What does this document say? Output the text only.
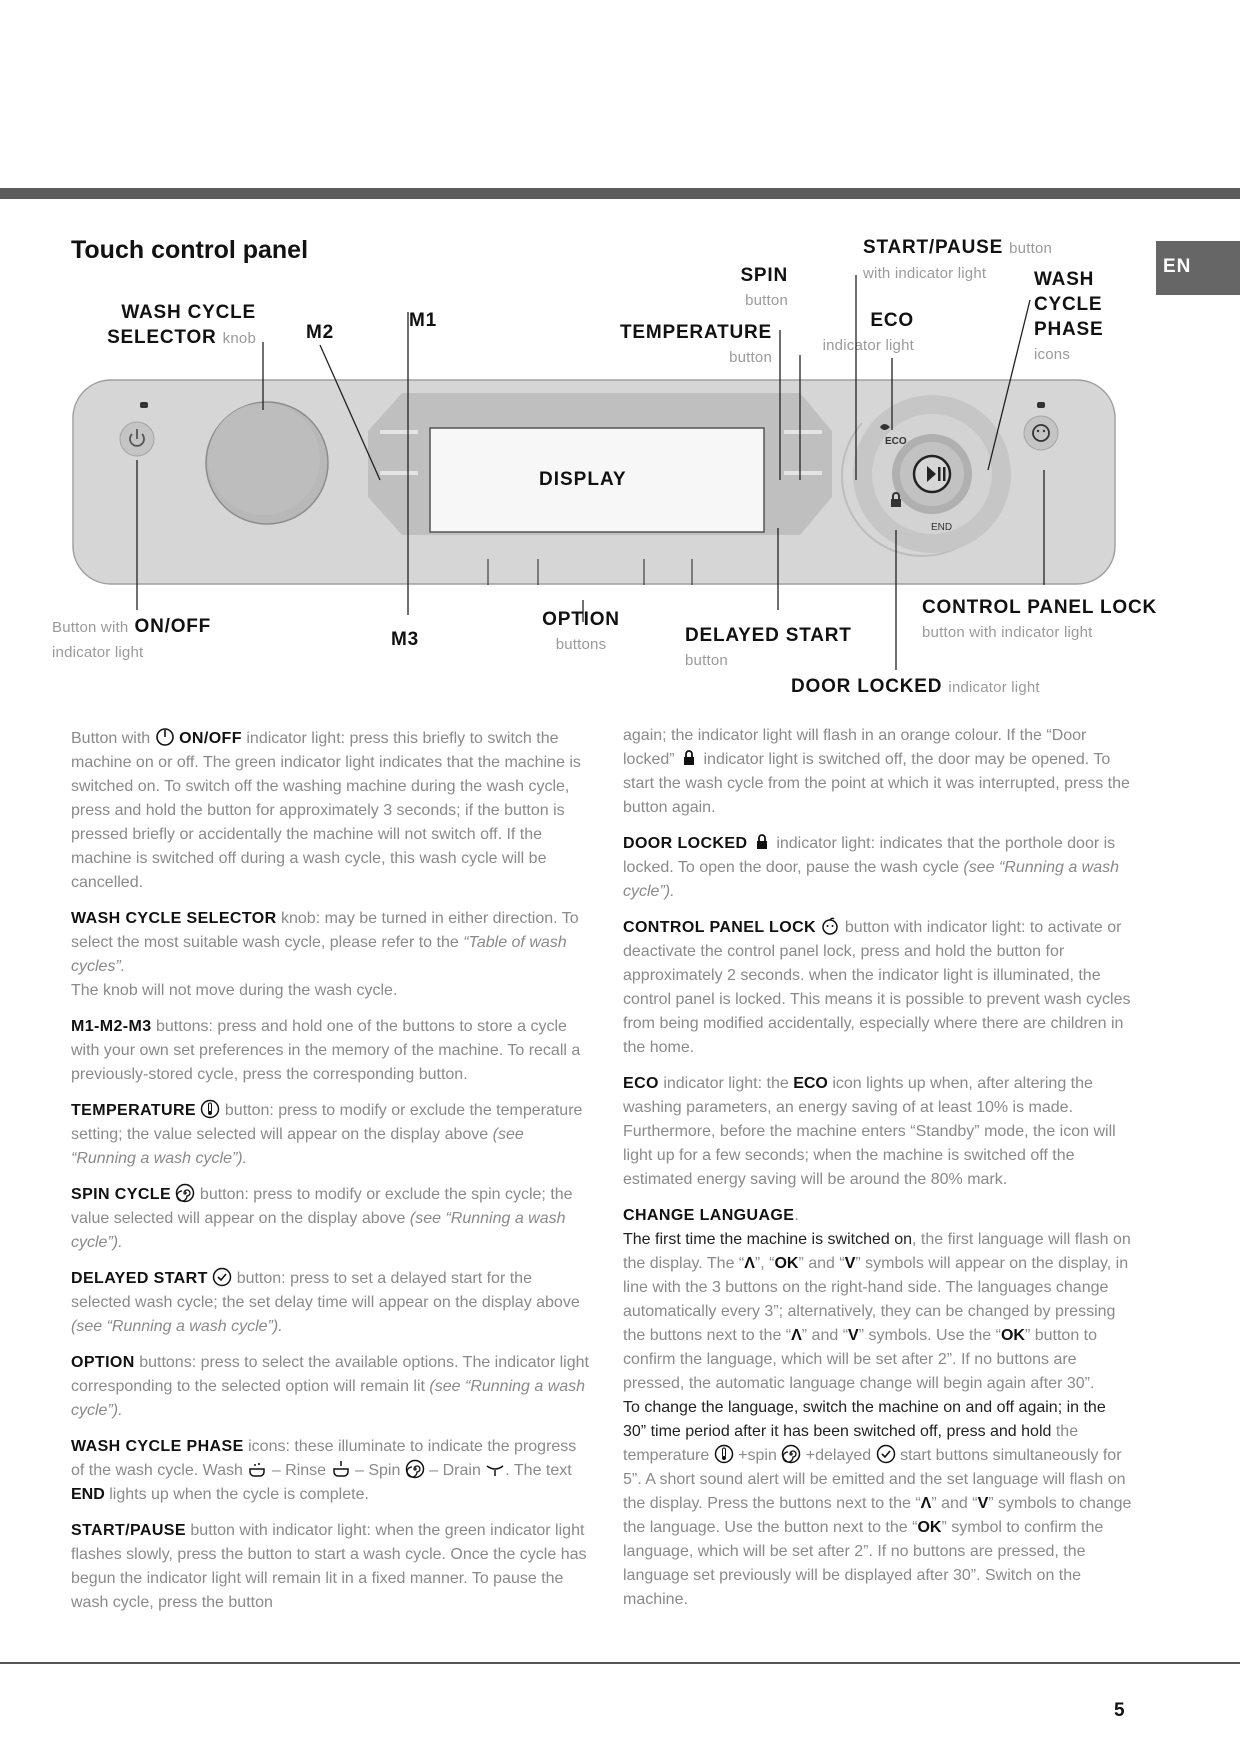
EN
Touch control panel
WASH CYCLE
SELECTOR knob	M2
M1
SPIN
button
TEMPERATURE
button
START/PAUSE button
with indicator light
ECO
indicator light
WASH
CYCLE
PHASE
icons
DISPLAY
ECO
END
Button with ON/OFF
indicator light
M3
OPTION
buttons	DELAYED START
button
CONTROL PANEL LOCK
button with indicator light
DOOR LOCKED indicator light

Button with ON/OFF indicator light: press this briefly to switch the machine on or off. The green indicator light indicates that the machine is switched on. To switch off the washing machine during the wash cycle, press and hold the button for approximately 3 seconds; if the button is pressed briefly or accidentally the machine will not switch off. If the machine is switched off during a wash cycle, this wash cycle will be cancelled.

WASH CYCLE SELECTOR knob: may be turned in either direction. To select the most suitable wash cycle, please refer to the “Table of wash cycles”.
The knob will not move during the wash cycle.

M1-M2-M3 buttons: press and hold one of the buttons to store a cycle with your own set preferences in the memory of the machine. To recall a previously-stored cycle, press the corresponding button.

TEMPERATURE button: press to modify or exclude the temperature setting; the value selected will appear on the display above (see “Running a wash cycle”).

SPIN CYCLE button: press to modify or exclude the spin cycle; the value selected will appear on the display above (see “Running a wash cycle”).

DELAYED START button: press to set a delayed start for the selected wash cycle; the set delay time will appear on the display above (see “Running a wash cycle”).

OPTION buttons: press to select the available options. The indicator light corresponding to the selected option will remain lit (see “Running a wash cycle”).

WASH CYCLE PHASE icons: these illuminate to indicate the progress of the wash cycle. Wash – Rinse – Spin – Drain . The text END lights up when the cycle is complete.

START/PAUSE button with indicator light: when the green indicator light flashes slowly, press the button to start a wash cycle. Once the cycle has begun the indicator light will remain lit in a fixed manner. To pause the wash cycle, press the button

again; the indicator light will flash in an orange colour. If the “Door locked” indicator light is switched off, the door may be opened. To start the wash cycle from the point at which it was interrupted, press the button again.

DOOR LOCKED indicator light: indicates that the porthole door is locked. To open the door, pause the wash cycle (see “Running a wash cycle”).

CONTROL PANEL LOCK button with indicator light: to activate or deactivate the control panel lock, press and hold the button for approximately 2 seconds. when the indicator light is illuminated, the control panel is locked. This means it is possible to prevent wash cycles from being modified accidentally, especially where there are children in the home.

ECO indicator light: the ECO icon lights up when, after altering the washing parameters, an energy saving of at least 10% is made. Furthermore, before the machine enters “Standby” mode, the icon will light up for a few seconds; when the machine is switched off the estimated energy saving will be around the 80% mark.

CHANGE LANGUAGE.
The first time the machine is switched on, the first language will flash on the display. The “Λ”, “OK” and “V” symbols will appear on the display, in line with the 3 buttons on the right-hand side. The languages change automatically every 3”; alternatively, they can be changed by pressing the buttons next to the “Λ” and “V” symbols. Use the “OK” button to confirm the language, which will be set after 2”. If no buttons are pressed, the automatic language change will begin again after 30”.
To change the language, switch the machine on and off again; in the 30” time period after it has been switched off, press and hold the temperature +spin +delayed start buttons simultaneously for 5”. A short sound alert will be emitted and the set language will flash on the display. Press the buttons next to the “Λ” and “V” symbols to change the language. Use the button next to the “OK” symbol to confirm the language, which will be set after 2”. If no buttons are pressed, the language set previously will be displayed after 30”. Switch on the machine.

5
